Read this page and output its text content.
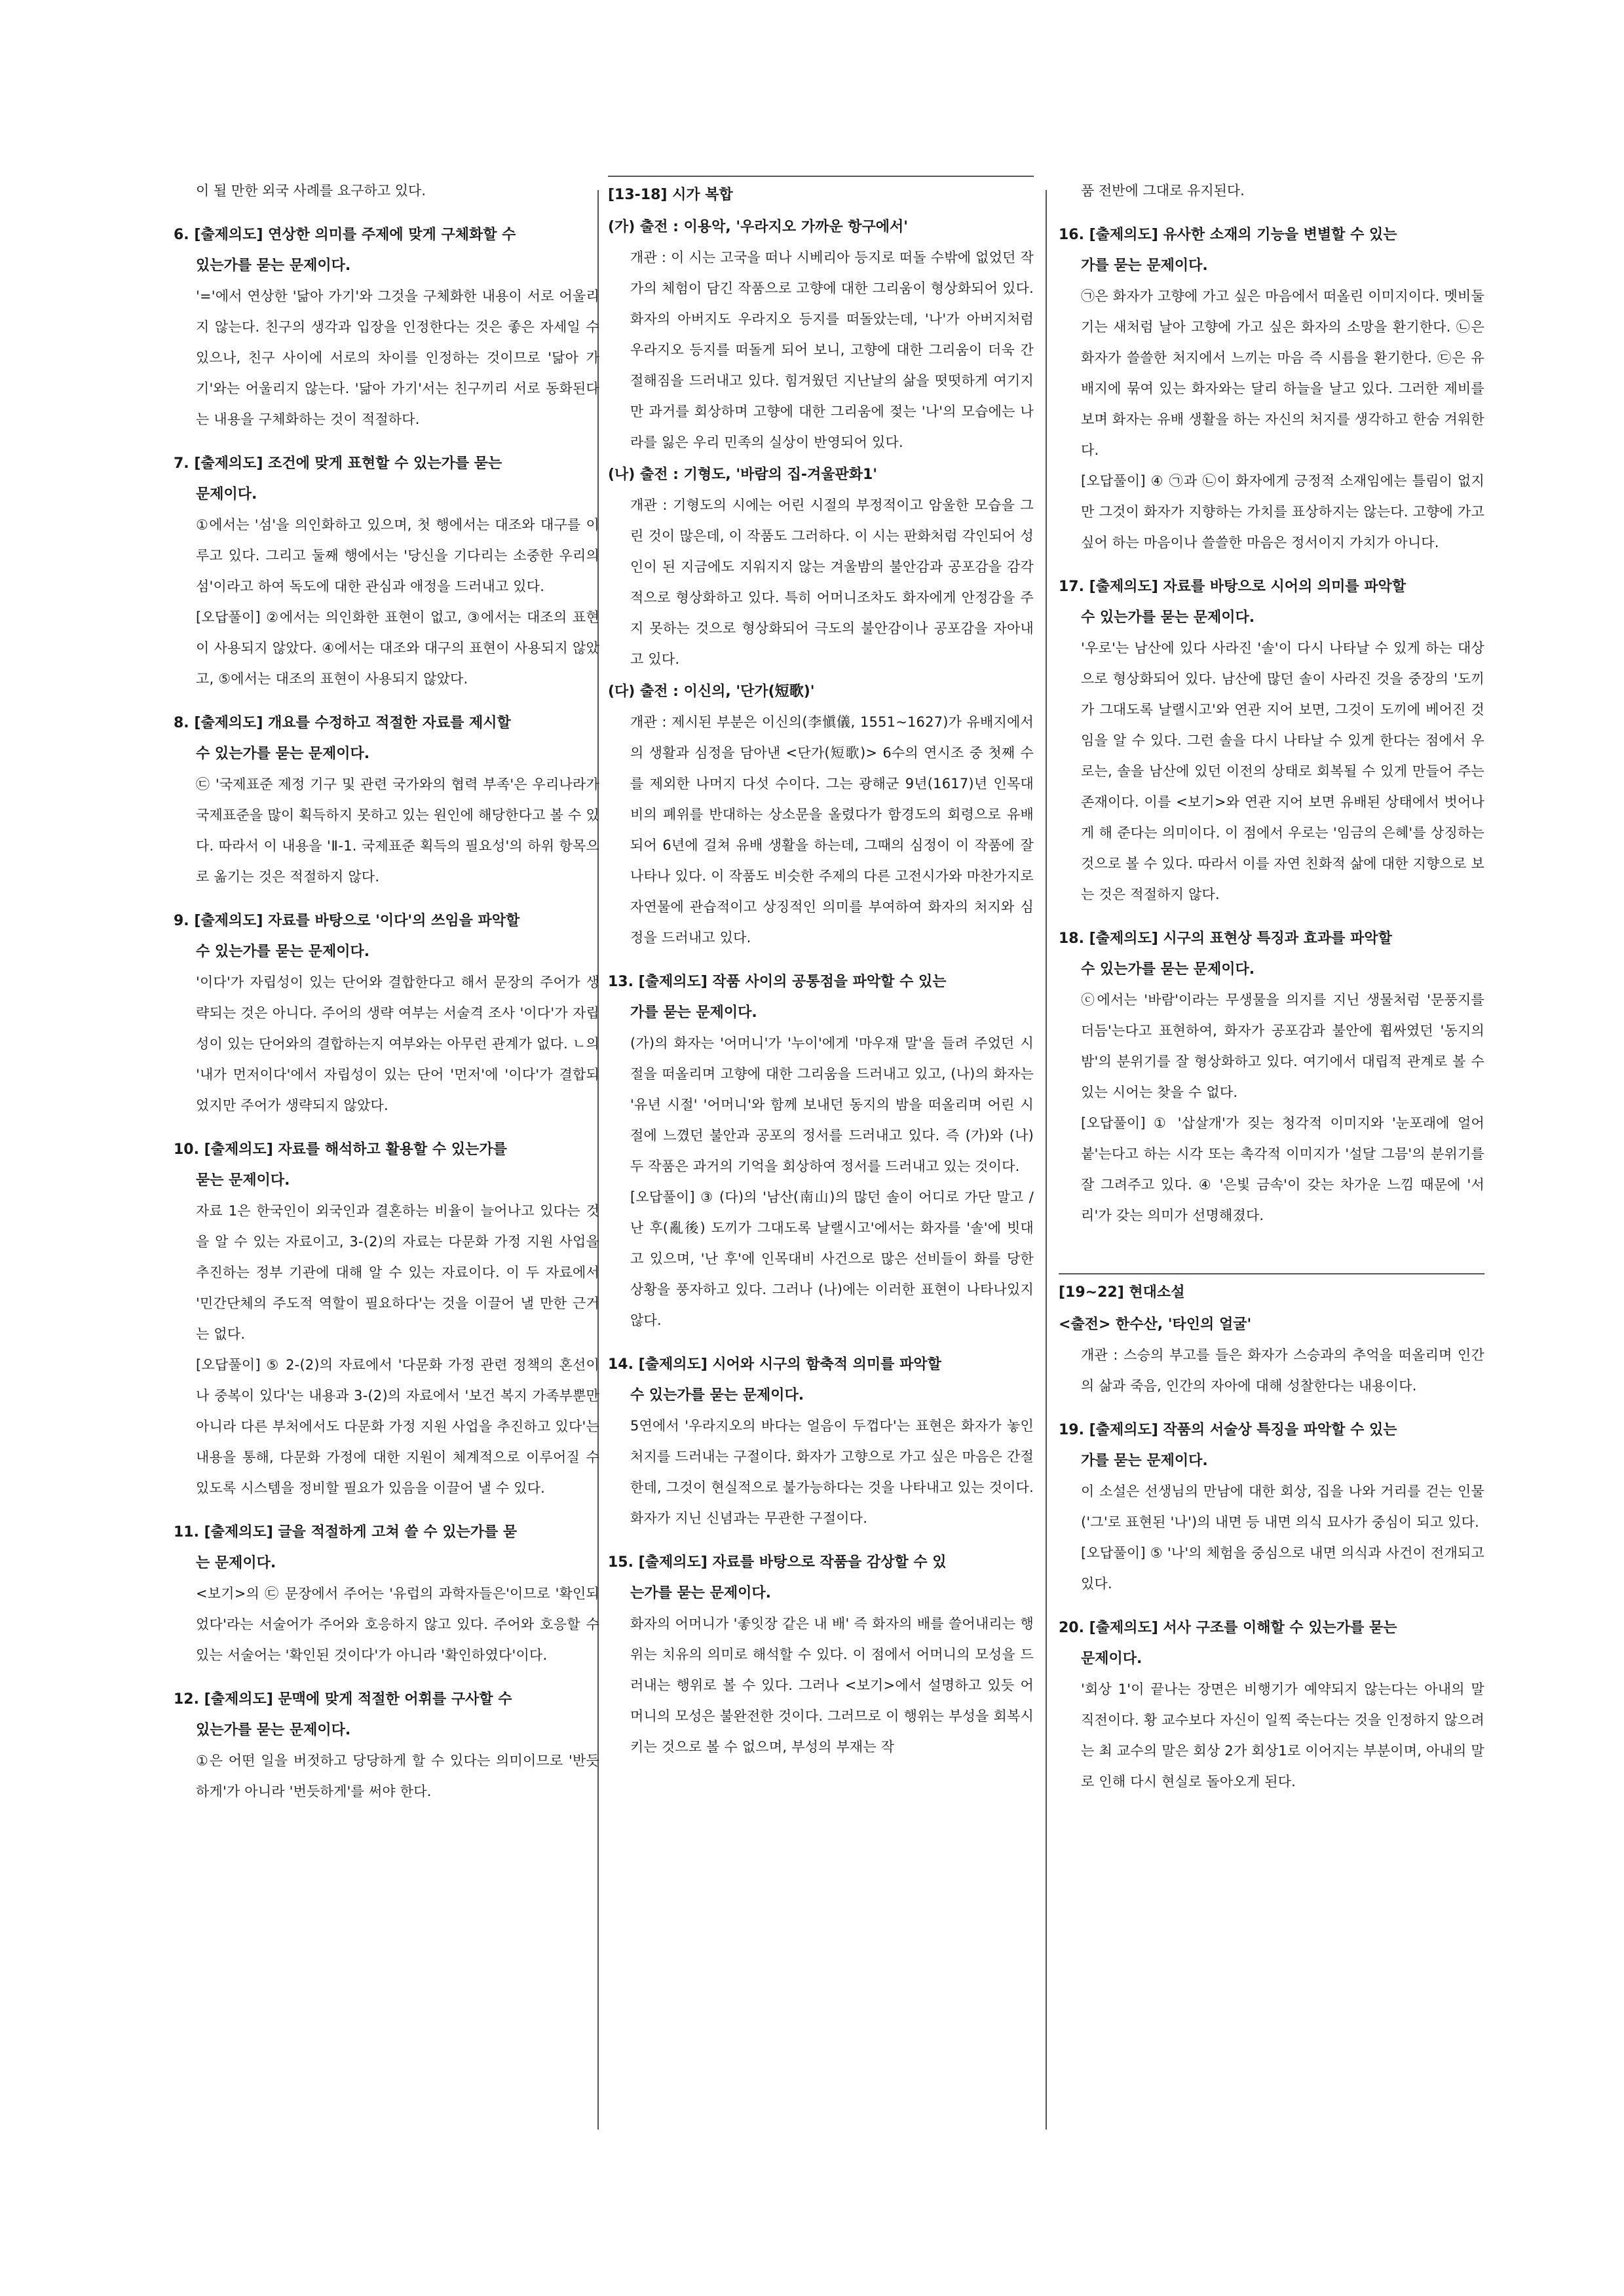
이 될 만한 외국 사례를 요구하고 있다.

6. [출제의도] 연상한 의미를 주제에 맞게 구체화할 수
있는가를 묻는 문제이다.

'='에서 연상한 '닮아 가기'와 그것을 구체화한 내용이 서로 어울리지 않는다. 친구의 생각과 입장을 인정한다는 것은 좋은 자세일 수 있으나, 친구 사이에 서로의 차이를 인정하는 것이므로 '닮아 가기'와는 어울리지 않는다. '닮아 가기'서는 친구끼리 서로 동화된다는 내용을 구체화하는 것이 적절하다.

7. [출제의도] 조건에 맞게 표현할 수 있는가를 묻는
문제이다.

①에서는 '섬'을 의인화하고 있으며, 첫 행에서는 대조와 대구를 이루고 있다. 그리고 둘째 행에서는 '당신을 기다리는 소중한 우리의 섬'이라고 하여 독도에 대한 관심과 애정을 드러내고 있다.

[오답풀이] ②에서는 의인화한 표현이 없고, ③에서는 대조의 표현이 사용되지 않았다. ④에서는 대조와 대구의 표현이 사용되지 않았고, ⑤에서는 대조의 표현이 사용되지 않았다.

8. [출제의도] 개요를 수정하고 적절한 자료를 제시할
수 있는가를 묻는 문제이다.

㉢ '국제표준 제정 기구 및 관련 국가와의 협력 부족'은 우리나라가 국제표준을 많이 획득하지 못하고 있는 원인에 해당한다고 볼 수 있다. 따라서 이 내용을 'Ⅱ-1. 국제표준 획득의 필요성'의 하위 항목으로 옮기는 것은 적절하지 않다.

9. [출제의도] 자료를 바탕으로 '이다'의 쓰임을 파악할
수 있는가를 묻는 문제이다.

'이다'가 자립성이 있는 단어와 결합한다고 해서 문장의 주어가 생략되는 것은 아니다. 주어의 생략 여부는 서술격 조사 '이다'가 자립성이 있는 단어와의 결합하는지 여부와는 아무런 관계가 없다. ㄴ의 '내가 먼저이다'에서 자립성이 있는 단어 '먼저'에 '이다'가 결합되었지만 주어가 생략되지 않았다.

10. [출제의도] 자료를 해석하고 활용할 수 있는가를
묻는 문제이다.

자료 1은 한국인이 외국인과 결혼하는 비율이 늘어나고 있다는 것을 알 수 있는 자료이고, 3-(2)의 자료는 다문화 가정 지원 사업을 추진하는 정부 기관에 대해 알 수 있는 자료이다. 이 두 자료에서 '민간단체의 주도적 역할이 필요하다'는 것을 이끌어 낼 만한 근거는 없다.

[오답풀이] ⑤ 2-(2)의 자료에서 '다문화 가정 관련 정책의 혼선이나 중복이 있다'는 내용과 3-(2)의 자료에서 '보건 복지 가족부뿐만 아니라 다른 부처에서도 다문화 가정 지원 사업을 추진하고 있다'는 내용을 통해, 다문화 가정에 대한 지원이 체계적으로 이루어질 수 있도록 시스템을 정비할 필요가 있음을 이끌어 낼 수 있다.

11. [출제의도] 글을 적절하게 고쳐 쓸 수 있는가를 묻
는 문제이다.

<보기>의 ㉢ 문장에서 주어는 '유럽의 과학자들은'이므로 '확인되었다'라는 서술어가 주어와 호응하지 않고 있다. 주어와 호응할 수 있는 서술어는 '확인된 것이다'가 아니라 '확인하였다'이다.

12. [출제의도] 문맥에 맞게 적절한 어휘를 구사할 수
있는가를 묻는 문제이다.

①은 어떤 일을 버젓하고 당당하게 할 수 있다는 의미이므로 '반듯하게'가 아니라 '번듯하게'를 써야 한다.

[13-18] 시가 복합

(가) 출전 : 이용악, '우라지오 가까운 항구에서'

개관 : 이 시는 고국을 떠나 시베리아 등지로 떠돌 수밖에 없었던 작가의 체험이 담긴 작품으로 고향에 대한 그리움이 형상화되어 있다. 화자의 아버지도 우라지오 등지를 떠돌았는데, '나'가 아버지처럼 우라지오 등지를 떠돌게 되어 보니, 고향에 대한 그리움이 더욱 간절해짐을 드러내고 있다. 힘겨웠던 지난날의 삶을 떳떳하게 여기지만 과거를 회상하며 고향에 대한 그리움에 젖는 '나'의 모습에는 나라를 잃은 우리 민족의 실상이 반영되어 있다.

(나) 출전 : 기형도, '바람의 집-겨울판화1'

개관 : 기형도의 시에는 어린 시절의 부정적이고 암울한 모습을 그린 것이 많은데, 이 작품도 그러하다. 이 시는 판화처럼 각인되어 성인이 된 지금에도 지워지지 않는 겨울밤의 불안감과 공포감을 감각적으로 형상화하고 있다. 특히 어머니조차도 화자에게 안정감을 주지 못하는 것으로 형상화되어 극도의 불안감이나 공포감을 자아내고 있다.

(다) 출전 : 이신의, '단가(短歌)'

개관 : 제시된 부분은 이신의(李愼儀, 1551~1627)가 유배지에서의 생활과 심정을 담아낸 <단가(短歌)> 6수의 연시조 중 첫째 수를 제외한 나머지 다섯 수이다. 그는 광해군 9년(1617)년 인목대비의 폐위를 반대하는 상소문을 올렸다가 함경도의 회령으로 유배되어 6년에 걸쳐 유배 생활을 하는데, 그때의 심정이 이 작품에 잘 나타나 있다. 이 작품도 비슷한 주제의 다른 고전시가와 마찬가지로 자연물에 관습적이고 상징적인 의미를 부여하여 화자의 처지와 심정을 드러내고 있다.

13. [출제의도] 작품 사이의 공통점을 파악할 수 있는
가를 묻는 문제이다.

(가)의 화자는 '어머니'가 '누이'에게 '마우재 말'을 들려 주었던 시절을 떠올리며 고향에 대한 그리움을 드러내고 있고, (나)의 화자는 '유년 시절' '어머니'와 함께 보내던 동지의 밤을 떠올리며 어린 시절에 느꼈던 불안과 공포의 정서를 드러내고 있다. 즉 (가)와 (나) 두 작품은 과거의 기억을 회상하여 정서를 드러내고 있는 것이다.

[오답풀이] ③ (다)의 '남산(南山)의 많던 솔이 어디로 가단 말고 / 난 후(亂後) 도끼가 그대도록 날랠시고'에서는 화자를 '솔'에 빗대고 있으며, '난 후'에 인목대비 사건으로 많은 선비들이 화를 당한 상황을 풍자하고 있다. 그러나 (나)에는 이러한 표현이 나타나있지 않다.

14. [출제의도] 시어와 시구의 함축적 의미를 파악할
수 있는가를 묻는 문제이다.

5연에서 '우라지오의 바다는 얼음이 두껍다'는 표현은 화자가 놓인 처지를 드러내는 구절이다. 화자가 고향으로 가고 싶은 마음은 간절한데, 그것이 현실적으로 불가능하다는 것을 나타내고 있는 것이다. 화자가 지닌 신념과는 무관한 구절이다.

15. [출제의도] 자료를 바탕으로 작품을 감상할 수 있
는가를 묻는 문제이다.

화자의 어머니가 '좋잇장 같은 내 배' 즉 화자의 배를 쓸어내리는 행위는 치유의 의미로 해석할 수 있다. 이 점에서 어머니의 모성을 드러내는 행위로 볼 수 있다. 그러나 <보기>에서 설명하고 있듯 어머니의 모성은 불완전한 것이다. 그러므로 이 행위는 부성을 회복시키는 것으로 볼 수 없으며, 부성의 부재는 작

품 전반에 그대로 유지된다.

16. [출제의도] 유사한 소재의 기능을 변별할 수 있는
가를 묻는 문제이다.

㉠은 화자가 고향에 가고 싶은 마음에서 떠올린 이미지이다. 멧비둘기는 새처럼 날아 고향에 가고 싶은 화자의 소망을 환기한다. ㉡은 화자가 쓸쓸한 처지에서 느끼는 마음 즉 시름을 환기한다. ㉢은 유배지에 묶여 있는 화자와는 달리 하늘을 날고 있다. 그러한 제비를 보며 화자는 유배 생활을 하는 자신의 처지를 생각하고 한숨 겨워한다.

[오답풀이] ④ ㉠과 ㉡이 화자에게 긍정적 소재임에는 틀림이 없지만 그것이 화자가 지향하는 가치를 표상하지는 않는다. 고향에 가고 싶어 하는 마음이나 쓸쓸한 마음은 정서이지 가치가 아니다.

17. [출제의도] 자료를 바탕으로 시어의 의미를 파악할
수 있는가를 묻는 문제이다.

'우로'는 남산에 있다 사라진 '솔'이 다시 나타날 수 있게 하는 대상으로 형상화되어 있다. 남산에 많던 솔이 사라진 것을 중장의 '도끼가 그대도록 날랠시고'와 연관 지어 보면, 그것이 도끼에 베어진 것임을 알 수 있다. 그런 솔을 다시 나타날 수 있게 한다는 점에서 우로는, 솔을 남산에 있던 이전의 상태로 회복될 수 있게 만들어 주는 존재이다. 이를 <보기>와 연관 지어 보면 유배된 상태에서 벗어나게 해 준다는 의미이다. 이 점에서 우로는 '임금의 은혜'를 상징하는 것으로 볼 수 있다. 따라서 이를 자연 친화적 삶에 대한 지향으로 보는 것은 적절하지 않다.

18. [출제의도] 시구의 표현상 특징과 효과를 파악할
수 있는가를 묻는 문제이다.

ⓒ에서는 '바람'이라는 무생물을 의지를 지닌 생물처럼 '문풍지를 더듬'는다고 표현하여, 화자가 공포감과 불안에 휩싸였던 '동지의 밤'의 분위기를 잘 형상화하고 있다. 여기에서 대립적 관계로 볼 수 있는 시어는 찾을 수 없다.

[오답풀이] ① '삽살개'가 짖는 청각적 이미지와 '눈포래에 얼어붙'는다고 하는 시각 또는 촉각적 이미지가 '설달 그믐'의 분위기를 잘 그려주고 있다. ④ '은빛 금속'이 갖는 차가운 느낌 때문에 '서리'가 갖는 의미가 선명해졌다.

[19~22] 현대소설

<출전> 한수산, '타인의 얼굴'

개관 : 스승의 부고를 들은 화자가 스승과의 추억을 떠올리며 인간의 삶과 죽음, 인간의 자아에 대해 성찰한다는 내용이다.

19. [출제의도] 작품의 서술상 특징을 파악할 수 있는
가를 묻는 문제이다.

이 소설은 선생님의 만남에 대한 회상, 집을 나와 거리를 걷는 인물('그'로 표현된 '나')의 내면 등 내면 의식 묘사가 중심이 되고 있다.

[오답풀이] ⑤ '나'의 체험을 중심으로 내면 의식과 사건이 전개되고 있다.

20. [출제의도] 서사 구조를 이해할 수 있는가를 묻는
문제이다.

'회상 1'이 끝나는 장면은 비행기가 예약되지 않는다는 아내의 말 직전이다. 황 교수보다 자신이 일찍 죽는다는 것을 인정하지 않으려는 최 교수의 말은 회상 2가 회상1로 이어지는 부분이며, 아내의 말로 인해 다시 현실로 돌아오게 된다.
